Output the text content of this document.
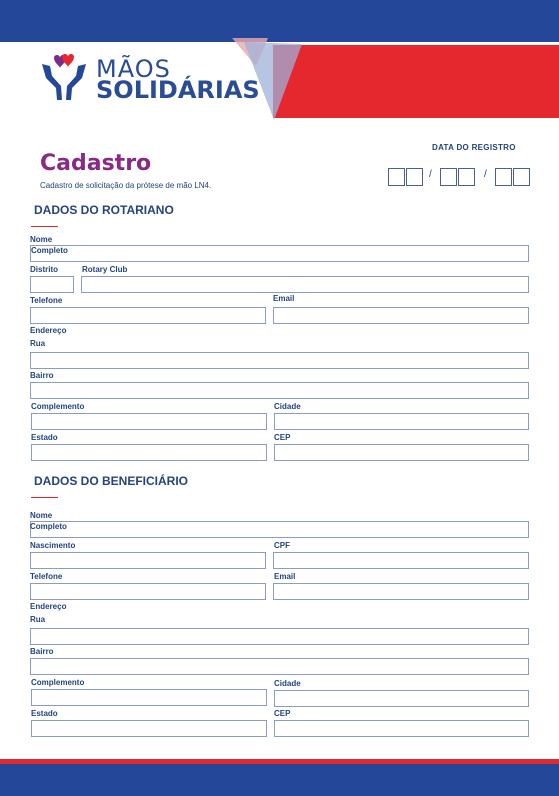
MÃOS
SOLIDÁRIAS
Cadastro
Cadastro de solicitação da prótese de mão LN4.
DATA DO REGISTRO
/	/
DADOS DO ROTARIANO
Nome
Completo
Distrito	Rotary Club
Telefone	Email
Endereço
Rua
Bairro
Complemento	Cidade
Estado	CEP
DADOS DO BENEFICIÁRIO
Nome
Completo
Nascimento	CPF
Telefone	Email
Endereço
Rua
Bairro
Complemento	Cidade
Estado	CEP
